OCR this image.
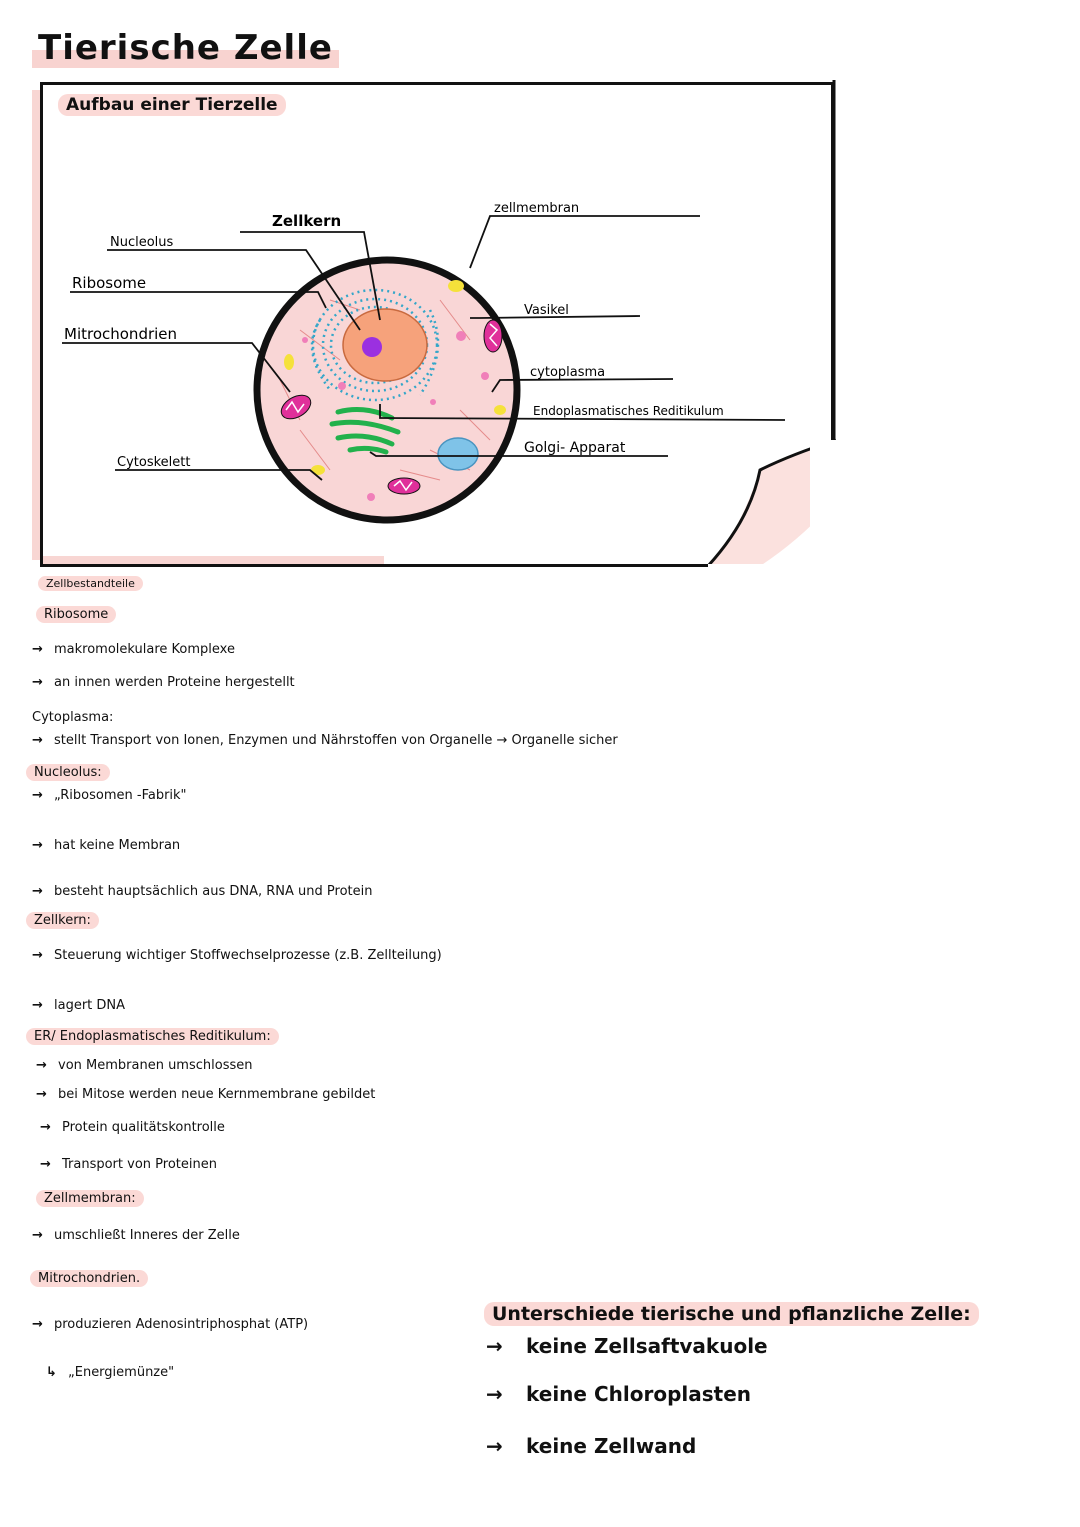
Tierische Zelle
Aufbau einer Tierzelle
Nucleolus
Zellkern
Ribosome
Mitrochondrien
Cytoskelett
zellmembran
Vasikel
cytoplasma
Endoplasmatisches Reditikulum
Golgi- Apparat
Zellbestandteile
Ribosome
→ makromolekulare Komplexe
→ an innen werden Proteine hergestellt
Cytoplasma:
→ stellt Transport von Ionen, Enzymen und Nährstoffen von Organelle → Organelle sicher
Nucleolus:
→ „Ribosomen -Fabrik"
→ hat keine Membran
→ besteht hauptsächlich aus DNA, RNA und Protein
Zellkern:
→ Steuerung wichtiger Stoffwechselprozesse (z.B. Zellteilung)
→ lagert DNA
ER/ Endoplasmatisches Reditikulum:
→ von Membranen umschlossen
→ bei Mitose werden neue Kernmembrane gebildet
→ Protein qualitätskontrolle
→ Transport von Proteinen
Zellmembran:
→ umschließt Inneres der Zelle
Mitrochondrien.
→ produzieren Adenosintriphosphat (ATP)
↳ „Energiemünze"
Unterschiede tierische und pflanzliche Zelle:
→ keine Zellsaftvakuole
→ keine Chloroplasten
→ keine Zellwand
